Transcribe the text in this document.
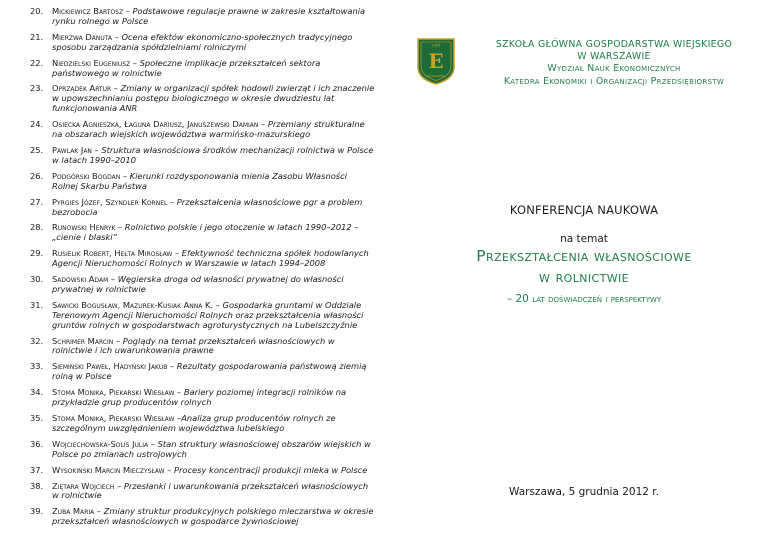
20.	Mickiewicz Bartosz – Podstawowe regulacje prawne w zakresie kształtowania rynku rolnego w Polsce
21.	Mierzwa Danuta – Ocena efektów ekonomiczno-społecznych tradycyjnego sposobu zarządzania spółdzielniami rolniczymi
22.	Niedzielski Eugeniusz – Społeczne implikacje przekształceń sektora państwowego w rolnictwie
23.	Oprządek Artur – Zmiany w organizacji spółek hodowli zwierząt i ich znaczenie w upowszechnianiu postępu biologicznego w okresie dwudziestu lat funkcjonowania ANR
24.	Osiecka Agnieszka, Łaguna Dariusz, Januszewski Damian – Przemiany strukturalne na obszarach wiejskich województwa warmińsko-mazurskiego
25.	Pawlak Jan – Struktura własnościowa środków mechanizacji rolnictwa w Polsce w latach 1990–2010
26.	Podgórski Bogdan – Kierunki rozdysponowania mienia Zasobu Własności Rolnej Skarbu Państwa
27.	Pyrgies Józef, Szyndler Kornel – Przekształcenia własnościowe pgr a problem bezrobocia
28.	Runowski Henryk – Rolnictwo polskie i jego otoczenie w latach 1990–2012 – „cienie i blaski”
29.	Rusielik Robert, Hełta Mirosław – Efektywność techniczna spółek hodowlanych Agencji Nieruchomości Rolnych w Warszawie w latach 1994–2008
30.	Sadowski Adam – Węgierska droga od własności prywatnej do własności prywatnej w rolnictwie
31.	Sawicki Bogusław, Mazurek-Kusiak Anna K. – Gospodarka gruntami w Oddziale Terenowym Agencji Nieruchomości Rolnych oraz przekształcenia własności gruntów rolnych w gospodarstwach agroturystycznych na Lubelszczyźnie
32.	Schrimer Marcin – Poglądy na temat przekształceń własnościowych w rolnictwie i ich uwarunkowania prawne
33.	Siemiński Paweł, Hadyński Jakub – Rezultaty gospodarowania państwową ziemią rolną w Polsce
34.	Stoma Monika, Piekarski Wiesław – Bariery poziomej integracji rolników na przykładzie grup producentów rolnych
35.	Stoma Monika, Piekarski Wiesław –Analiza grup producentów rolnych ze szczególnym uwzględnieniem województwa lubelskiego
36.	Wojciechowska-Solis Julia – Stan struktury własnościowej obszarów wiejskich w Polsce po zmianach ustrojowych
37.	Wysokiński Marcin Mieczysław – Procesy koncentracji produkcji mleka w Polsce
38.	Ziętara Wojciech – Przesłanki i uwarunkowania przekształceń własnościowych w rolnictwie
39.	Zuba Maria – Zmiany struktur produkcyjnych polskiego mleczarstwa w okresie przekształceń własnościowych w gospodarce żywnościowej
E
1906
WARSZAWA
SZKOŁA GŁÓWNA GOSPODARSTWA WIEJSKIEGO
W WARSZAWIE
Wydział Nauk Ekonomicznych
Katedra Ekonomiki i Organizacji Przedsiębiorstw
KONFERENCJA NAUKOWA
na temat
Przekształcenia własnościowe
w rolnictwie
– 20 lat doświadczeń i perspektywy
Warszawa, 5 grudnia 2012 r.
